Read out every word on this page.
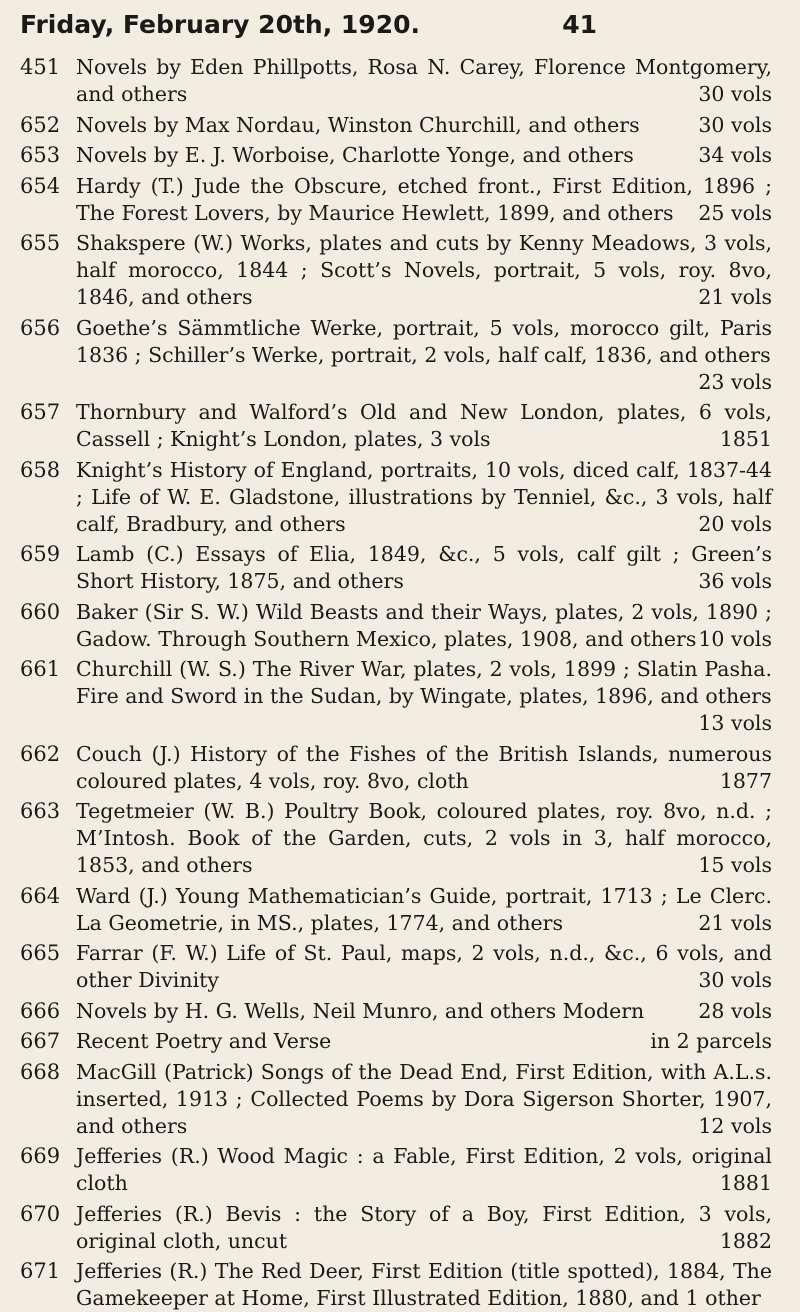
Friday, February 20th, 1920.	41
451 Novels by Eden Phillpotts, Rosa N. Carey, Florence Montgomery, and others	30 vols
652 Novels by Max Nordau, Winston Churchill, and others	30 vols
653 Novels by E. J. Worboise, Charlotte Yonge, and others	34 vols
654 Hardy (T.) Jude the Obscure, etched front., First Edition, 1896 ; The Forest Lovers, by Maurice Hewlett, 1899, and others 25 vols
655 Shakspere (W.) Works, plates and cuts by Kenny Meadows, 3 vols, half morocco, 1844 ; Scott’s Novels, portrait, 5 vols, roy. 8vo, 1846, and others	21 vols
656 Goethe’s Sämmtliche Werke, portrait, 5 vols, morocco gilt, Paris 1836 ; Schiller’s Werke, portrait, 2 vols, half calf, 1836, and others
23 vols
657 Thornbury and Walford’s Old and New London, plates, 6 vols, Cassell ; Knight’s London, plates, 3 vols	1851
658 Knight’s History of England, portraits, 10 vols, diced calf, 1837-44 ; Life of W. E. Gladstone, illustrations by Tenniel, &c., 3 vols, half calf, Bradbury, and others	20 vols
659 Lamb (C.) Essays of Elia, 1849, &c., 5 vols, calf gilt ; Green’s Short History, 1875, and others	36 vols
660 Baker (Sir S. W.) Wild Beasts and their Ways, plates, 2 vols, 1890 ; Gadow. Through Southern Mexico, plates, 1908, and others 10 vols
661 Churchill (W. S.) The River War, plates, 2 vols, 1899 ; Slatin Pasha. Fire and Sword in the Sudan, by Wingate, plates, 1896, and others
13 vols
662 Couch (J.) History of the Fishes of the British Islands, numerous coloured plates, 4 vols, roy. 8vo, cloth	1877
663 Tegetmeier (W. B.) Poultry Book, coloured plates, roy. 8vo, n.d. ; M’Intosh. Book of the Garden, cuts, 2 vols in 3, half morocco, 1853, and others	15 vols
664 Ward (J.) Young Mathematician’s Guide, portrait, 1713 ; Le Clerc. La Geometrie, in MS., plates, 1774, and others	21 vols
665 Farrar (F. W.) Life of St. Paul, maps, 2 vols, n.d., &c., 6 vols, and other Divinity	30 vols
666 Novels by H. G. Wells, Neil Munro, and others Modern	28 vols
667 Recent Poetry and Verse	in 2 parcels
668 MacGill (Patrick) Songs of the Dead End, First Edition, with A.L.s. inserted, 1913 ; Collected Poems by Dora Sigerson Shorter, 1907, and others	12 vols
669 Jefferies (R.) Wood Magic : a Fable, First Edition, 2 vols, original cloth	1881
670 Jefferies (R.) Bevis : the Story of a Boy, First Edition, 3 vols, original cloth, uncut	1882
671 Jefferies (R.) The Red Deer, First Edition (title spotted), 1884, The Gamekeeper at Home, First Illustrated Edition, 1880, and 1 other
